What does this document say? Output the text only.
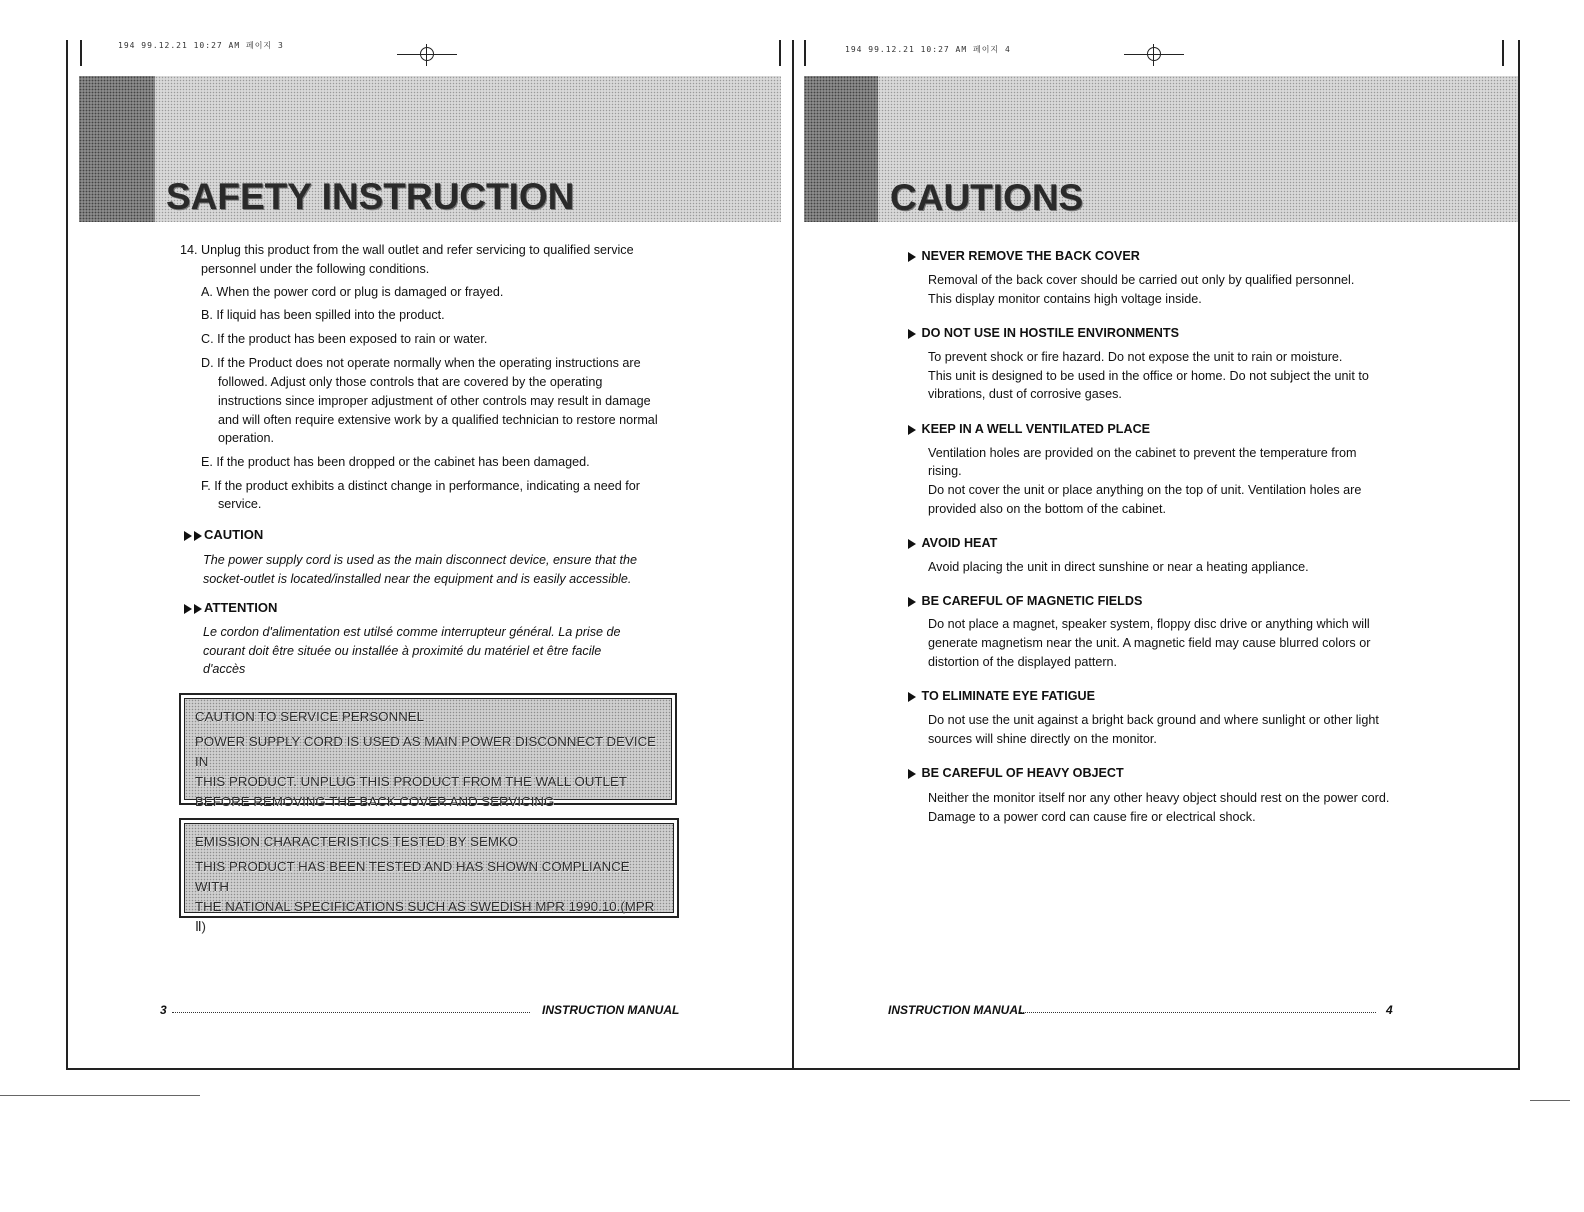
194 99.12.21 10:27 AM 페이지 3	194 99.12.21 10:27 AM 페이지 4
SAFETY INSTRUCTION
14. Unplug this product from the wall outlet and refer servicing to qualified service
personnel under the following conditions.
A. When the power cord or plug is damaged or frayed.
B. If liquid has been spilled into the product.
C. If the product has been exposed to rain or water.
D. If the Product does not operate normally when the operating instructions are
followed. Adjust only those controls that are covered by the operating
instructions since improper adjustment of other controls may result in damage
and will often require extensive work by a qualified technician to restore normal
operation.
E. If the product has been dropped or the cabinet has been damaged.
F. If the product exhibits a distinct change in performance, indicating a need for
service.
CAUTION
The power supply cord is used as the main disconnect device, ensure that the
socket-outlet is located/installed near the equipment and is easily accessible.
ATTENTION
Le cordon d'alimentation est utilsé comme interrupteur général. La prise de
courant doit être située ou installée à proximité du matériel et être facile
d'accès
CAUTION TO SERVICE PERSONNEL
POWER SUPPLY CORD IS USED AS MAIN POWER DISCONNECT DEVICE IN
THIS PRODUCT. UNPLUG THIS PRODUCT FROM THE WALL OUTLET
BEFORE REMOVING THE BACK COVER AND SERVICING
EMISSION CHARACTERISTICS TESTED BY SEMKO
THIS PRODUCT HAS BEEN TESTED AND HAS SHOWN COMPLIANCE WITH
THE NATIONAL SPECIFICATIONS SUCH AS SWEDISH MPR 1990.10.(MPR Ⅱ)
3	INSTRUCTION MANUAL
CAUTIONS
NEVER REMOVE THE BACK COVER
Removal of the back cover should be carried out only by qualified personnel.
This display monitor contains high voltage inside.
DO NOT USE IN HOSTILE ENVIRONMENTS
To prevent shock or fire hazard. Do not expose the unit to rain or moisture.
This unit is designed to be used in the office or home. Do not subject the unit to
vibrations, dust of corrosive gases.
KEEP IN A WELL VENTILATED PLACE
Ventilation holes are provided on the cabinet to prevent the temperature from
rising.
Do not cover the unit or place anything on the top of unit. Ventilation holes are
provided also on the bottom of the cabinet.
AVOID HEAT
Avoid placing the unit in direct sunshine or near a heating appliance.
BE CAREFUL OF MAGNETIC FIELDS
Do not place a magnet, speaker system, floppy disc drive or anything which will
generate magnetism near the unit. A magnetic field may cause blurred colors or
distortion of the displayed pattern.
TO ELIMINATE EYE FATIGUE
Do not use the unit against a bright back ground and where sunlight or other light
sources will shine directly on the monitor.
BE CAREFUL OF HEAVY OBJECT
Neither the monitor itself nor any other heavy object should rest on the power cord.
Damage to a power cord can cause fire or electrical shock.
INSTRUCTION MANUAL	4
